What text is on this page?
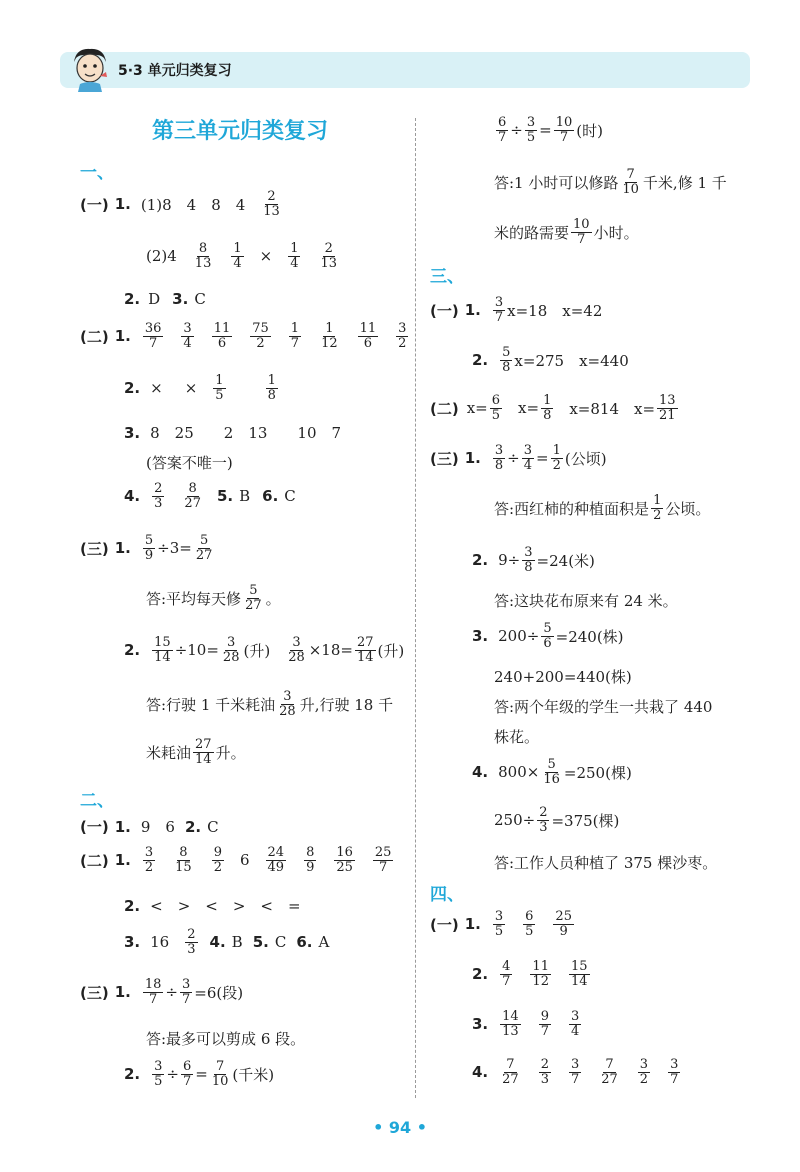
5·3 单元归类复习
第三单元归类复习
一、
(一) 1. (1)8　4　8　$4 \frac{2}{13}$
$(2)4 \frac{8}{13} \frac{1}{4} \times \frac{1}{4} \frac{2}{13}$
2. D 3. C
(二) 1. $\frac{36}{7} \frac{3}{4} \frac{11}{6} \frac{75}{2} \frac{1}{7} \frac{1}{12} \frac{11}{6} \frac{3}{2}$
2. × × $\frac{1}{5}$	$\frac{1}{8}$
3. 8　25　　2　13　　10　7
(答案不唯一)
4. $\frac{2}{3} \frac{8}{27} 5$. B 6. C
(三) 1. $\frac{5}{9} \div 3= \frac{5}{27}$
答:平均每天修 $\frac{5}{27}$ 。
2. $\frac{15}{14} \div 10= \frac{3}{28}$ (升) $\frac{3}{28} \times 18= \frac{27}{14}$ (升)
答:行驶 1 千米耗油 $\frac{3}{28}$ 升,行驶 18 千
米耗油 $\frac{27}{14}$ 升。
二、
(一) 1. 9　6 2. C
(二) 1. $\frac{3}{2} \frac{8}{15} \frac{9}{2} 6 \frac{24}{49} \frac{8}{9} \frac{16}{25} \frac{25}{7}$
2. <　>　<　>　<　=
3. $16 \frac{2}{3} 4$. B 5. C 6. A
(三) 1. $\frac{18}{7} \div \frac{3}{7} =6$(段)
答:最多可以剪成 6 段。
2. $\frac{3}{5} \div \frac{6}{7} = \frac{7}{10}$ (千米)
$\frac{6}{7} \div \frac{3}{5} = \frac{10}{7}$ (时)
答:1 小时可以修路 $\frac{7}{10}$ 千米,修 1 千
米的路需要 $\frac{10}{7}$ 小时。
三、
(一) 1. $\frac{3}{7} x=18$　x=42
2. $\frac{5}{8} x=275$　x=440
(二) $x= \frac{6}{5} x= \frac{1}{8} x=814$　$x= \frac{13}{21}$
(三) 1. $\frac{3}{8} \div \frac{3}{4} = \frac{1}{2}$ (公顷)
答:西红柿的种植面积是 $\frac{1}{2}$ 公顷。
2. $9\div \frac{3}{8} =24$(米)
答:这块花布原来有 24 米。
3. $200\div \frac{5}{6} =240$(株)
240+200=440(株)
答:两个年级的学生一共栽了 440
株花。
4. $800\times \frac{5}{16} =250$(棵)
$250\div \frac{2}{3} =375$(棵)
答:工作人员种植了 375 棵沙枣。
四、
(一) 1. $\frac{3}{5} \frac{6}{5} \frac{25}{9}$
2. $\frac{4}{7} \frac{11}{12} \frac{15}{14}$
3. $\frac{14}{13} \frac{9}{7} \frac{3}{4}$
4. $\frac{7}{27} \frac{2}{3} \frac{3}{7} \frac{7}{27} \frac{3}{2} \frac{3}{7}$
• 94 •
